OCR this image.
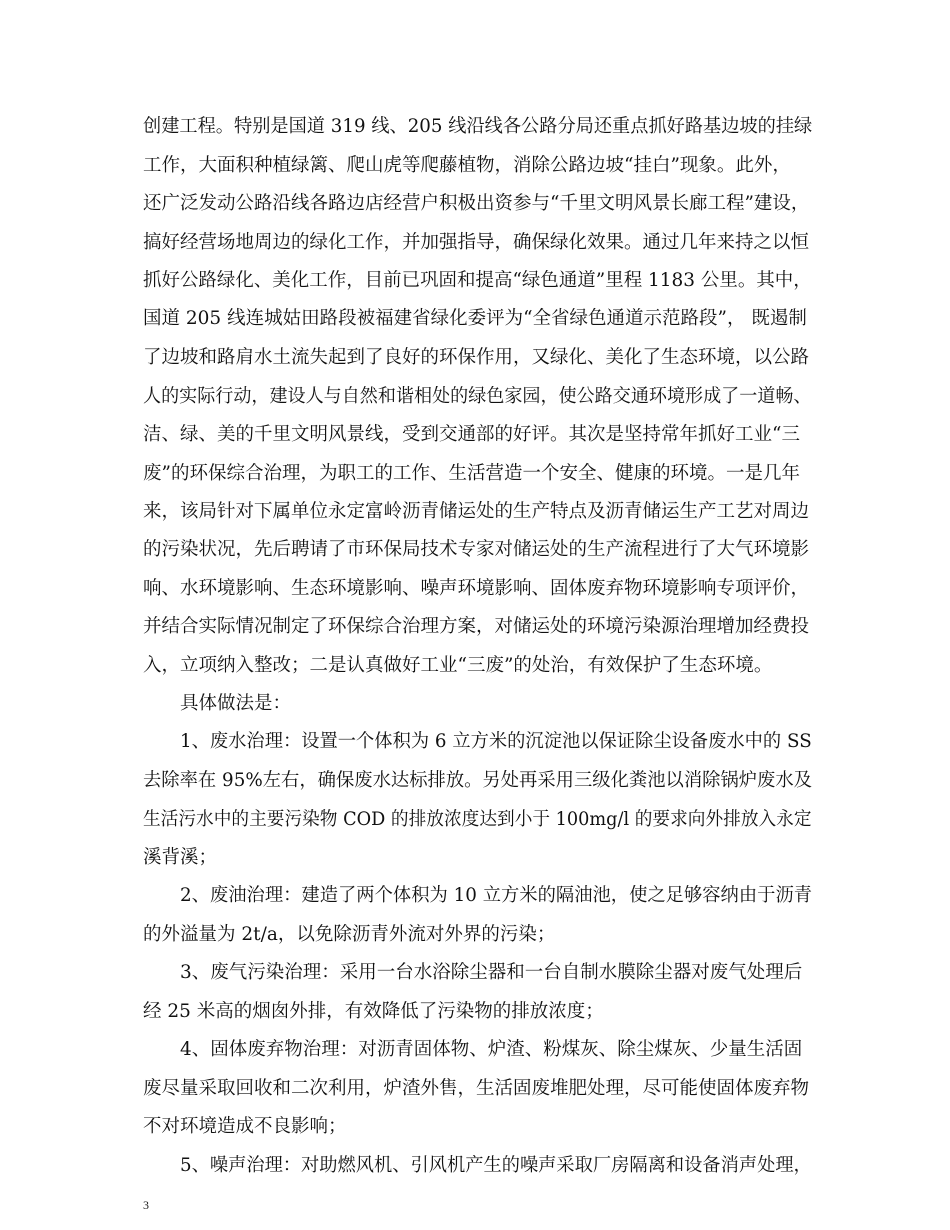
创建工程。特别是国道 319 线、205 线沿线各公路分局还重点抓好路基边坡的挂绿
工作，大面积种植绿篱、爬山虎等爬藤植物，消除公路边坡“挂白”现象。此外，
还广泛发动公路沿线各路边店经营户积极出资参与“千里文明风景长廊工程”建设，
搞好经营场地周边的绿化工作，并加强指导，确保绿化效果。通过几年来持之以恒
抓好公路绿化、美化工作，目前已巩固和提高“绿色通道”里程 1183 公里。其中，
国道 205 线连城姑田路段被福建省绿化委评为“全省绿色通道示范路段”， 既遏制
了边坡和路肩水土流失起到了良好的环保作用，又绿化、美化了生态环境，以公路
人的实际行动，建设人与自然和谐相处的绿色家园，使公路交通环境形成了一道畅、
洁、绿、美的千里文明风景线，受到交通部的好评。其次是坚持常年抓好工业“三
废”的环保综合治理，为职工的工作、生活营造一个安全、健康的环境。一是几年
来，该局针对下属单位永定富岭沥青储运处的生产特点及沥青储运生产工艺对周边
的污染状况，先后聘请了市环保局技术专家对储运处的生产流程进行了大气环境影
响、水环境影响、生态环境影响、噪声环境影响、固体废弃物环境影响专项评价，
并结合实际情况制定了环保综合治理方案，对储运处的环境污染源治理增加经费投
入，立项纳入整改；二是认真做好工业“三废”的处治，有效保护了生态环境。
具体做法是：
1、废水治理：设置一个体积为 6 立方米的沉淀池以保证除尘设备废水中的 SS
去除率在 95%左右，确保废水达标排放。另处再采用三级化粪池以消除锅炉废水及
生活污水中的主要污染物 COD 的排放浓度达到小于 100mg/l 的要求向外排放入永定
溪背溪；
2、废油治理：建造了两个体积为 10 立方米的隔油池，使之足够容纳由于沥青
的外溢量为 2t/a，以免除沥青外流对外界的污染；
3、废气污染治理：采用一台水浴除尘器和一台自制水膜除尘器对废气处理后
经 25 米高的烟囱外排，有效降低了污染物的排放浓度；
4、固体废弃物治理：对沥青固体物、炉渣、粉煤灰、除尘煤灰、少量生活固
废尽量采取回收和二次利用，炉渣外售，生活固废堆肥处理，尽可能使固体废弃物
不对环境造成不良影响；
5、噪声治理：对助燃风机、引风机产生的噪声采取厂房隔离和设备消声处理，
3
